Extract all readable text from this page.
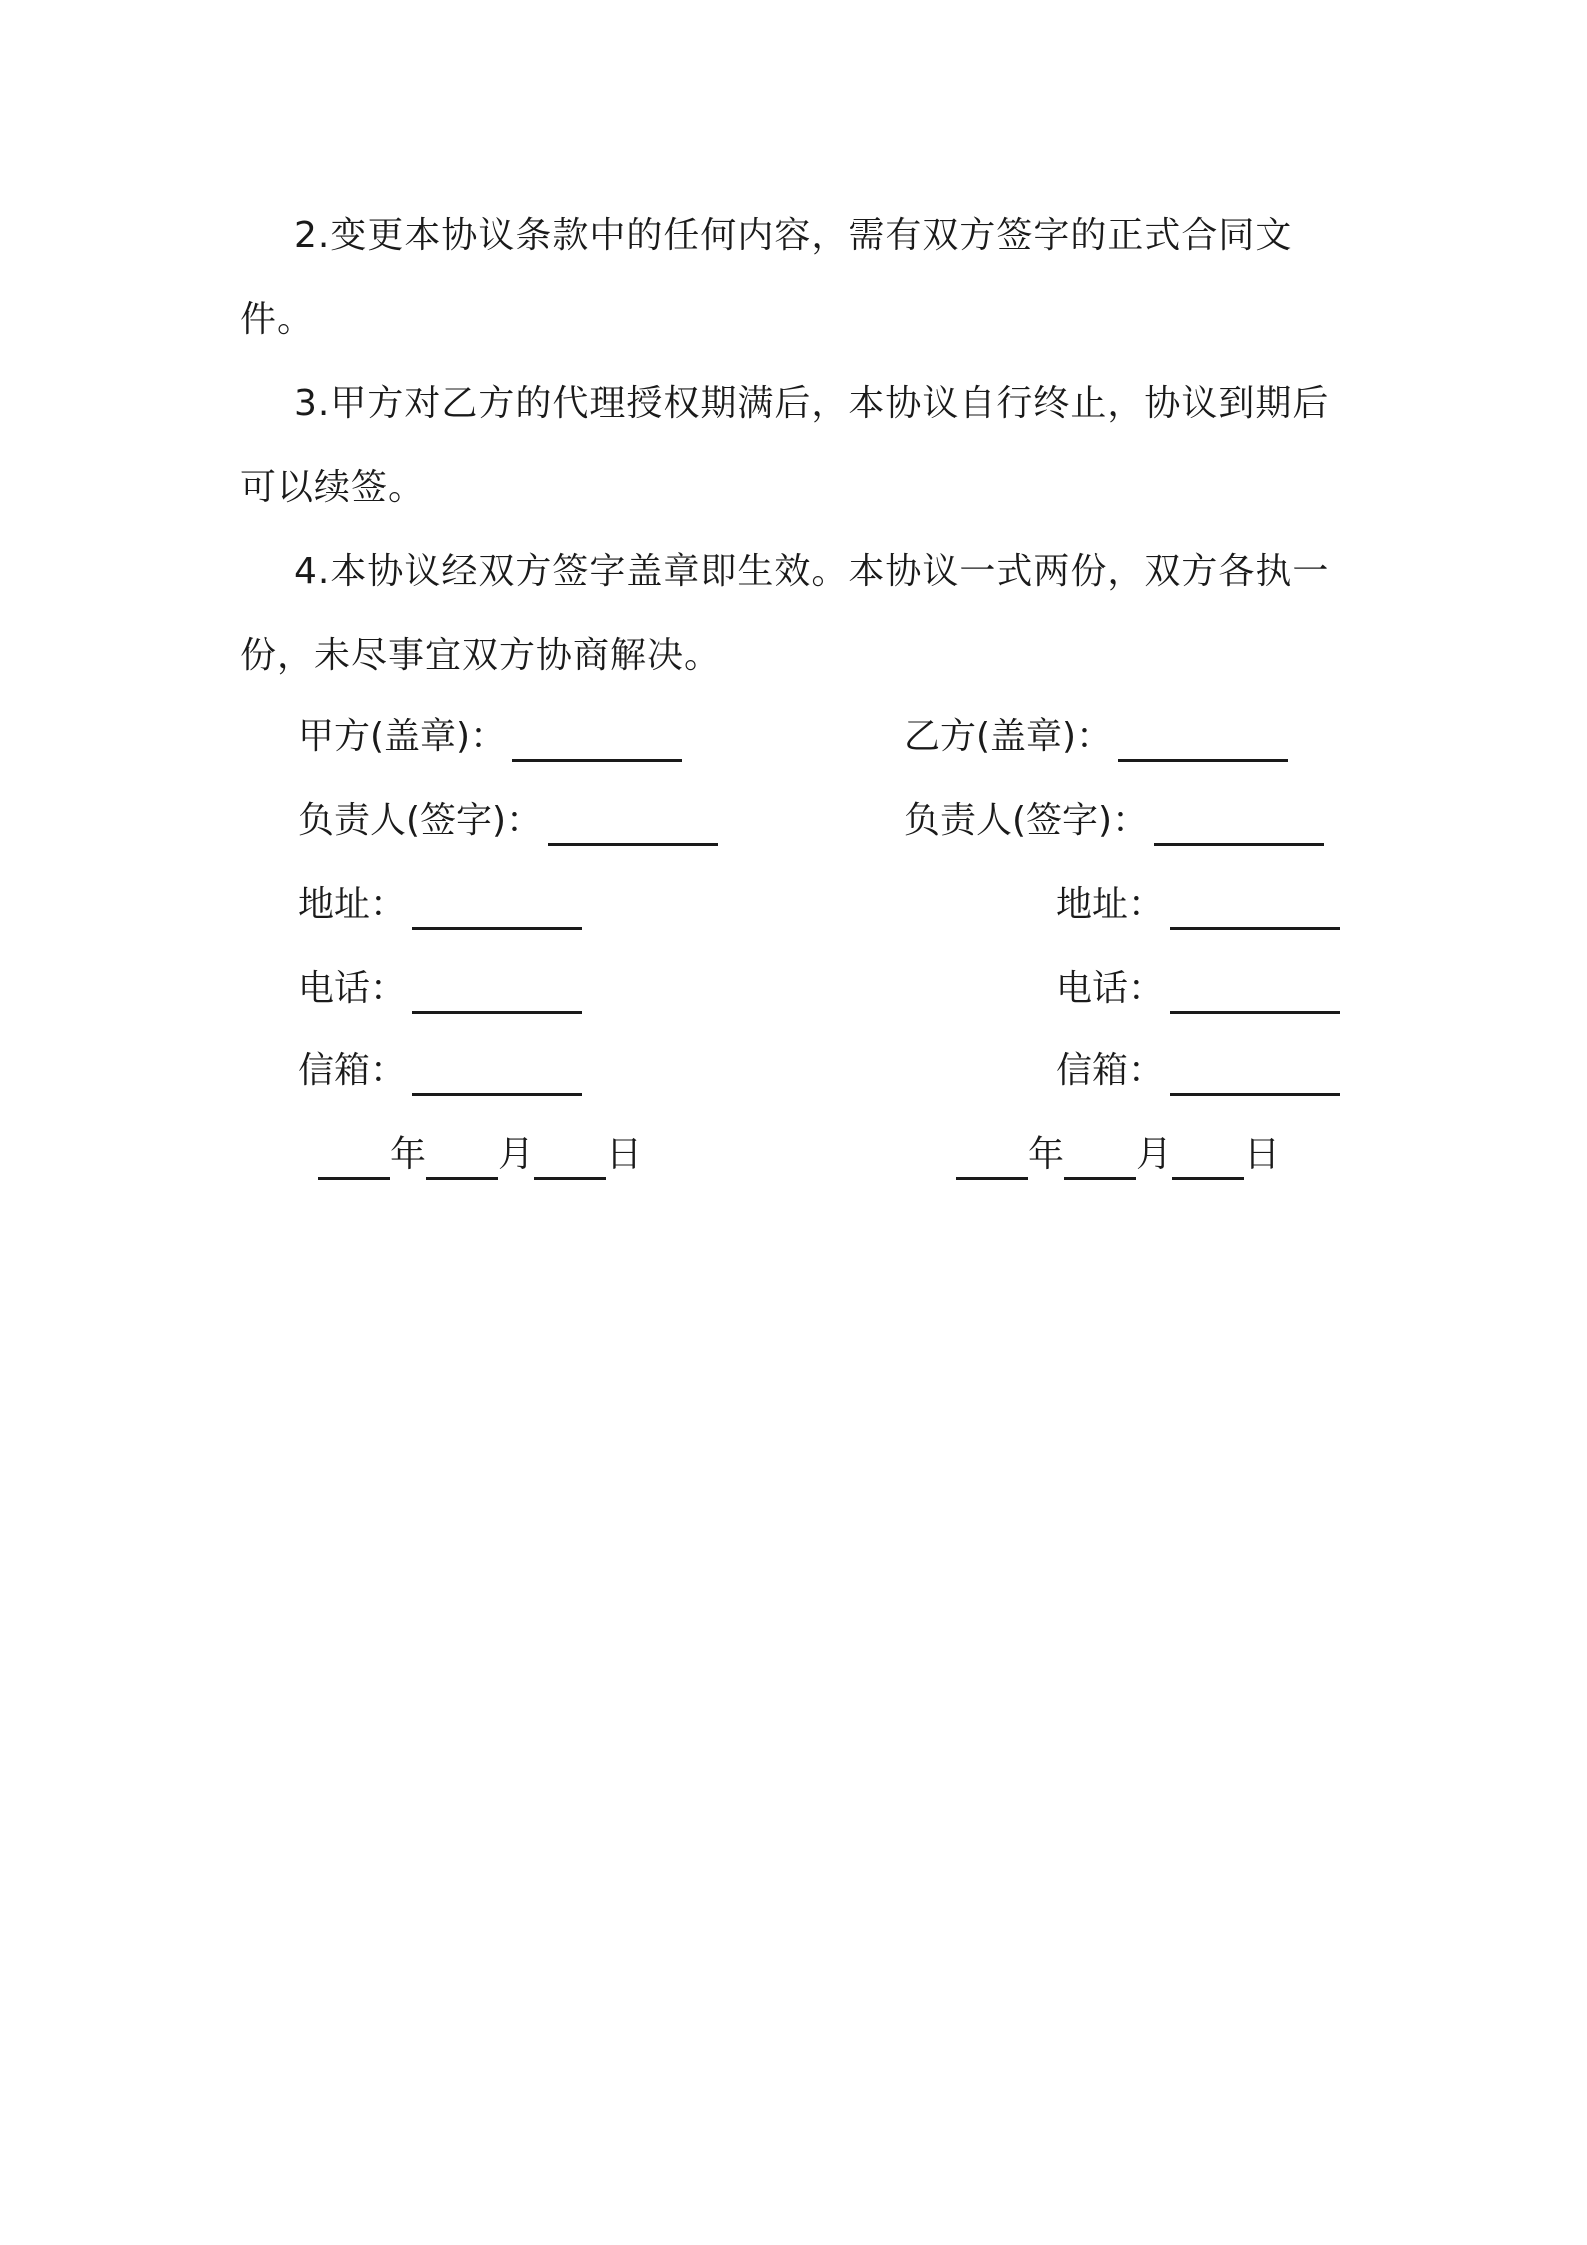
2.变更本协议条款中的任何内容，需有双方签字的正式合同文件。

3.甲方对乙方的代理授权期满后，本协议自行终止，协议到期后可以续签。

4.本协议经双方签字盖章即生效。本协议一式两份，双方各执一份，未尽事宜双方协商解决。

甲方(盖章)：
负责人(签字)：
地址：
电话：
信箱：
年 月 日
乙方(盖章)：
负责人(签字)：
地址：
电话：
信箱：
年 月 日
